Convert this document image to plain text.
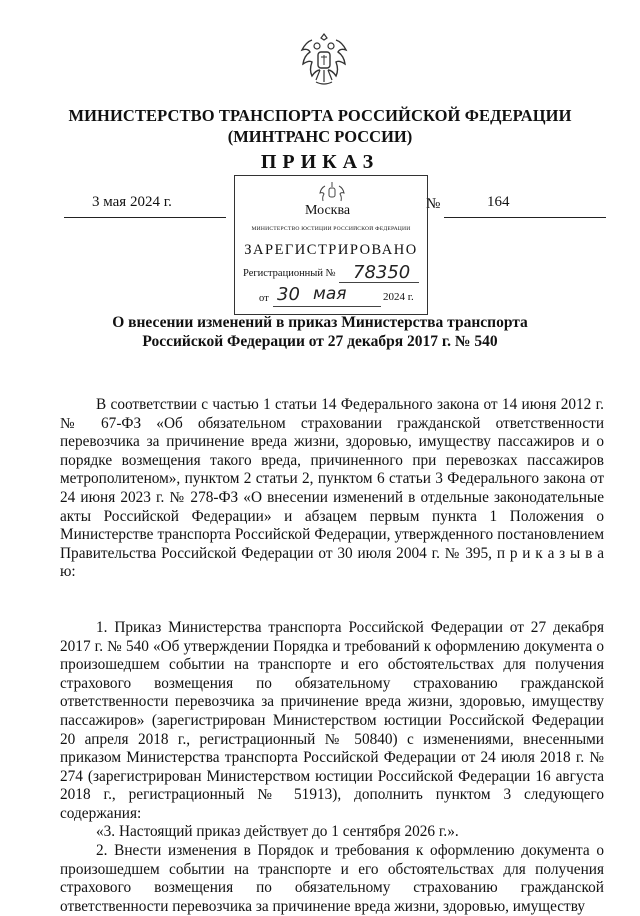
МИНИСТЕРСТВО ТРАНСПОРТА РОССИЙСКОЙ ФЕДЕРАЦИИ
(МИНТРАНС РОССИИ)
ПРИКАЗ
3 мая 2024 г.	№	164
Москва
МИНИСТЕРСТВО ЮСТИЦИИ РОССИЙСКОЙ ФЕДЕРАЦИИ
ЗАРЕГИСТРИРОВАНО
Регистрационный № 78350
от 30 мая	2024 г.
О внесении изменений в приказ Министерства транспорта
Российской Федерации от 27 декабря 2017 г. № 540

В соответствии с частью 1 статьи 14 Федерального закона от 14 июня 2012 г. № 67-ФЗ «Об обязательном страховании гражданской ответственности перевозчика за причинение вреда жизни, здоровью, имуществу пассажиров и о порядке возмещения такого вреда, причиненного при перевозках пассажиров метрополитеном», пунктом 2 статьи 2, пунктом 6 статьи 3 Федерального закона от 24 июня 2023 г. № 278-ФЗ «О внесении изменений в отдельные законодательные акты Российской Федерации» и абзацем первым пункта 1 Положения о Министерстве транспорта Российской Федерации, утвержденного постановлением Правительства Российской Федерации от 30 июля 2004 г. № 395, п р и к а з ы в а ю:

1. Приказ Министерства транспорта Российской Федерации от 27 декабря 2017 г. № 540 «Об утверждении Порядка и требований к оформлению документа о произошедшем событии на транспорте и его обстоятельствах для получения страхового возмещения по обязательному страхованию гражданской ответственности перевозчика за причинение вреда жизни, здоровью, имуществу пассажиров» (зарегистрирован Министерством юстиции Российской Федерации 20 апреля 2018 г., регистрационный № 50840) с изменениями, внесенными приказом Министерства транспорта Российской Федерации от 24 июля 2018 г. № 274 (зарегистрирован Министерством юстиции Российской Федерации 16 августа 2018 г., регистрационный № 51913), дополнить пунктом 3 следующего содержания:

«3. Настоящий приказ действует до 1 сентября 2026 г.».

2. Внести изменения в Порядок и требования к оформлению документа о произошедшем событии на транспорте и его обстоятельствах для получения страхового возмещения по обязательному страхованию гражданской ответственности перевозчика за причинение вреда жизни, здоровью, имуществу
